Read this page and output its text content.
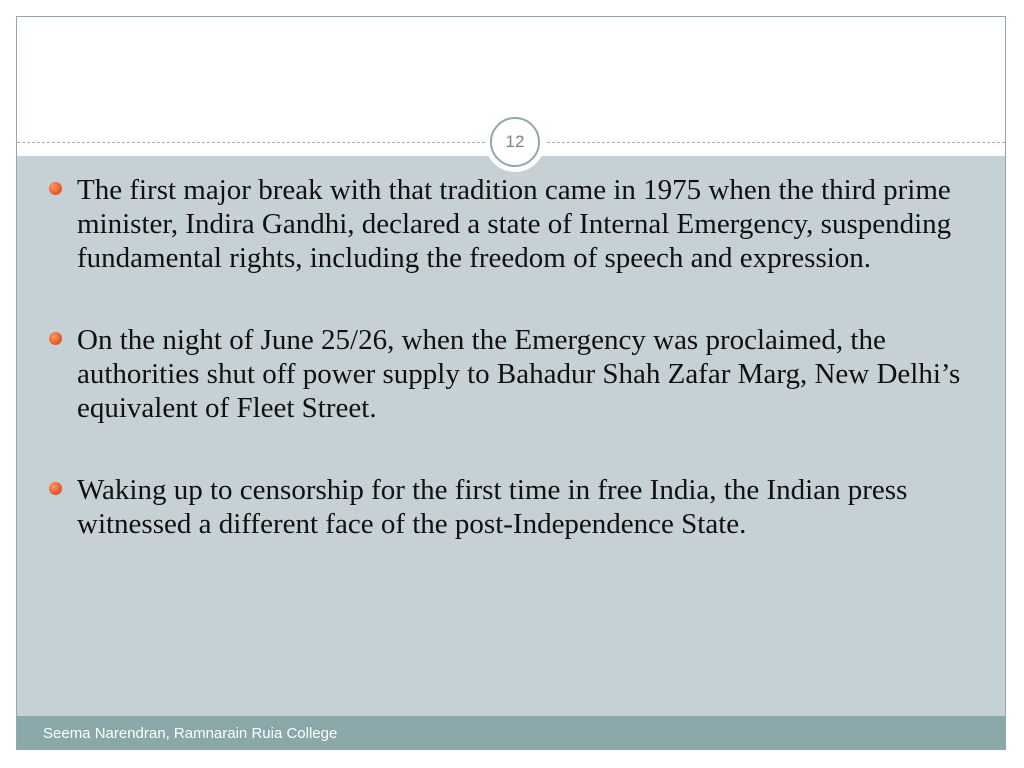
12
The first major break with that tradition came in 1975 when the third prime minister, Indira Gandhi, declared a state of Internal Emergency, suspending fundamental rights, including the freedom of speech and expression.
On the night of June 25/26, when the Emergency was proclaimed, the authorities shut off power supply to Bahadur Shah Zafar Marg, New Delhi’s equivalent of Fleet Street.
Waking up to censorship for the first time in free India, the Indian press witnessed a different face of the post-Independence State.
Seema Narendran, Ramnarain Ruia College
